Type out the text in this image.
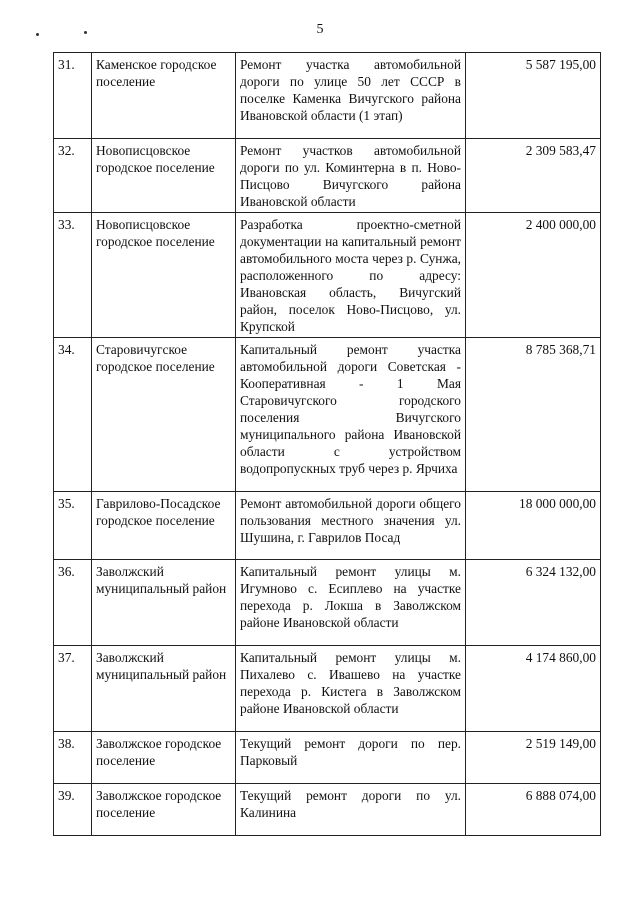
5
31.	Каменское городское поселение	Ремонт участка автомобильной дороги по улице 50 лет СССР в поселке Каменка Вичугского района Ивановской области (1 этап)	5 587 195,00
32.	Новописцовское городское поселение	Ремонт участков автомобильной дороги по ул. Коминтерна в п. Ново-Писцово Вичугского района Ивановской области	2 309 583,47
33.	Новописцовское городское поселение	Разработка проектно-сметной документации на капитальный ремонт автомобильного моста через р. Сунжа, расположенного по адресу: Ивановская область, Вичугский район, поселок Ново-Писцово, ул. Крупской	2 400 000,00
34.	Старовичугское городское поселение	Капитальный ремонт участка автомобильной дороги Советская - Кооперативная - 1 Мая Старовичугского городского поселения Вичугского муниципального района Ивановской области с устройством водопропускных труб через р. Ярчиха	8 785 368,71
35.	Гаврилово-Посадское городское поселение	Ремонт автомобильной дороги общего пользования местного значения ул. Шушина, г. Гаврилов Посад	18 000 000,00
36.	Заволжский муниципальный район	Капитальный ремонт улицы м. Игумново с. Есиплево на участке перехода р. Локша в Заволжском районе Ивановской области	6 324 132,00
37.	Заволжский муниципальный район	Капитальный ремонт улицы м. Пихалево с. Ивашево на участке перехода р. Кистега в Заволжском районе Ивановской области	4 174 860,00
38.	Заволжское городское поселение	Текущий ремонт дороги по пер. Парковый	2 519 149,00
39.	Заволжское городское поселение	Текущий ремонт дороги по ул. Калинина	6 888 074,00
